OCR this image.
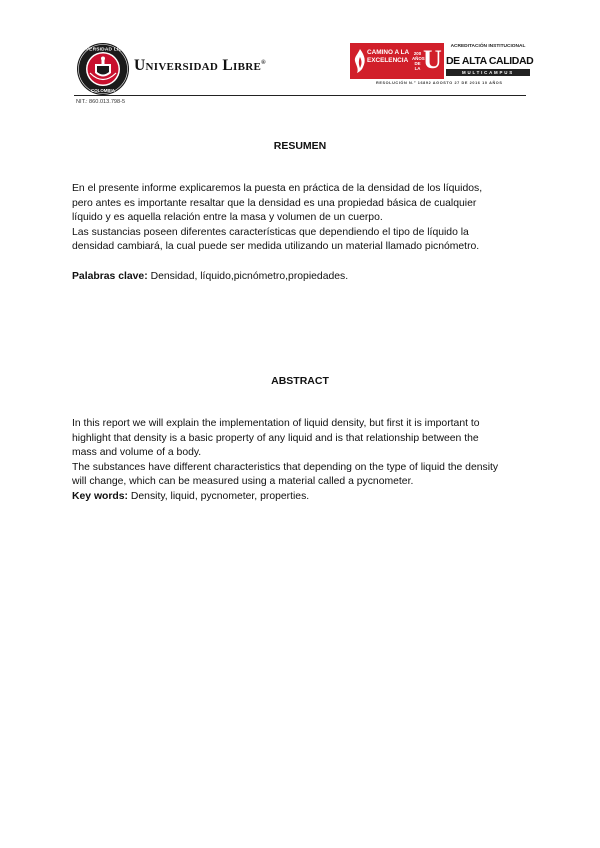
UNIVERSIDAD LIBRE
COLOMBIA
Universidad Libre®
CAMINO A LA
EXCELENCIA
200
AÑOS
DE LA U	ACREDITACIÓN INSTITUCIONAL
DE ALTA CALIDAD
MULTICAMPUS
RESOLUCIÓN N.° 16892 AGOSTO 27 DE 2016 10 AÑOS
NIT.: 860.013.798-5
RESUMEN

En el presente informe explicaremos la puesta en práctica de la densidad de los líquidos,

pero antes es importante resaltar que la densidad es una propiedad básica de cualquier

líquido y es aquella relación entre la masa y volumen de un cuerpo.

Las sustancias poseen diferentes características que dependiendo el tipo de líquido la

densidad cambiará, la cual puede ser medida utilizando un material llamado picnómetro.

Palabras clave: Densidad, líquido,picnómetro,propiedades.

ABSTRACT

In this report we will explain the implementation of liquid density, but first it is important to

highlight that density is a basic property of any liquid and is that relationship between the

mass and volume of a body.

The substances have different characteristics that depending on the type of liquid the density

will change, which can be measured using a material called a pycnometer.

Key words: Density, liquid, pycnometer, properties.
